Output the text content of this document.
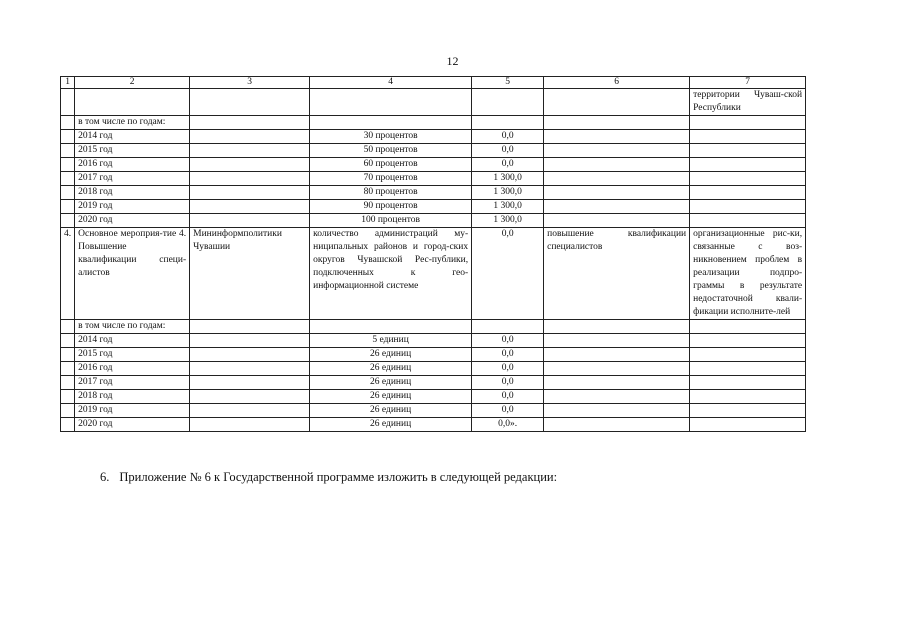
12
1	2	3	4	5	6	7
						территории Чуваш-ской Республики
	в том числе по годам:					
	2014 год		30 процентов	0,0		
	2015 год		50 процентов	0,0		
	2016 год		60 процентов	0,0		
	2017 год		70 процентов	1 300,0		
	2018 год		80 процентов	1 300,0		
	2019 год		90 процентов	1 300,0		
	2020 год		100 процентов	1 300,0		
4.	Основное мероприя-тие 4. Повышение квалификации специ-алистов	Мининформполитики Чувашии	количество администраций му-ниципальных районов и город-ских округов Чувашской Рес-публики, подключенных к гео-информационной системе	0,0	повышение квалификации специалистов	организационные рис-ки, связанные с воз-никновением проблем в реализации подпро-граммы в результате недостаточной квали-фикации исполните-лей
	в том числе по годам:					
	2014 год		5 единиц	0,0		
	2015 год		26 единиц	0,0		
	2016 год		26 единиц	0,0		
	2017 год		26 единиц	0,0		
	2018 год		26 единиц	0,0		
	2019 год		26 единиц	0,0		
	2020 год		26 единиц	0,0».		
6. Приложение № 6 к Государственной программе изложить в следующей редакции:
